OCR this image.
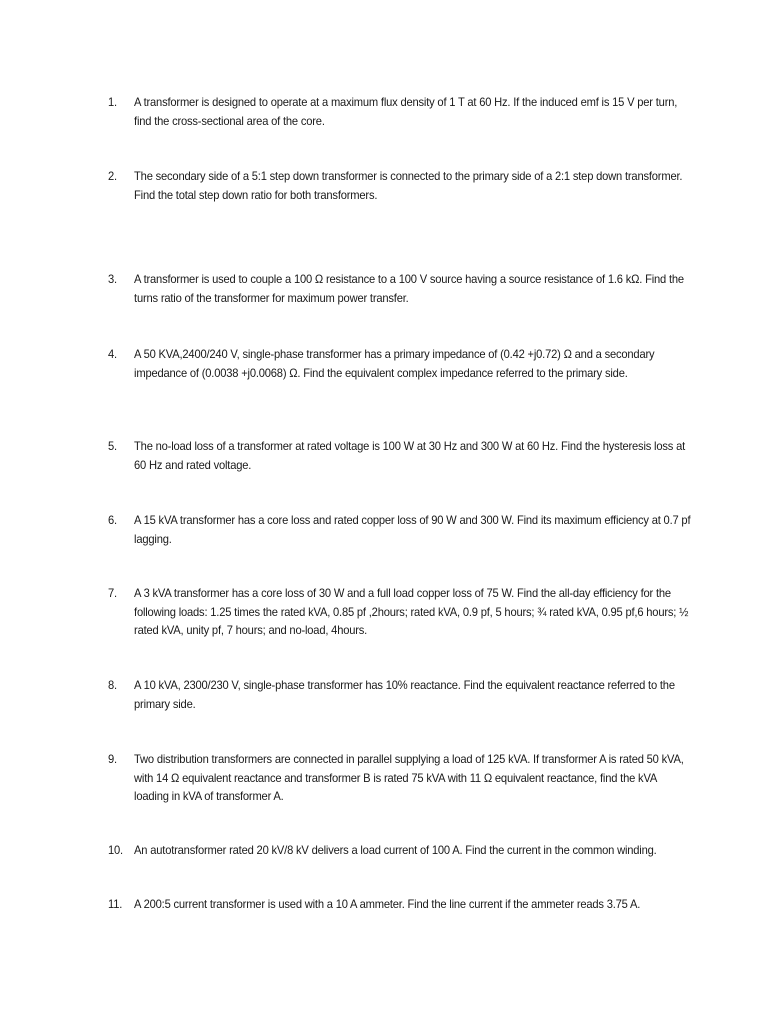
1.	A transformer is designed to operate at a maximum flux density of 1 T at 60 Hz. If the induced emf is 15 V per turn, find the cross-sectional area of the core.
2.	The secondary side of a 5:1 step down transformer is connected to the primary side of a 2:1 step down transformer. Find the total step down ratio for both transformers.
3.	A transformer is used to couple a 100 Ω resistance to a 100 V source having a source resistance of 1.6 kΩ. Find the turns ratio of the transformer for maximum power transfer.
4.	A 50 KVA,2400/240 V, single-phase transformer has a primary impedance of (0.42 +j0.72) Ω and a secondary impedance of (0.0038 +j0.0068) Ω. Find the equivalent complex impedance referred to the primary side.
5.	The no-load loss of a transformer at rated voltage is 100 W at 30 Hz and 300 W at 60 Hz. Find the hysteresis loss at 60 Hz and rated voltage.
6.	A 15 kVA transformer has a core loss and rated copper loss of 90 W and 300 W. Find its maximum efficiency at 0.7 pf lagging.
7.	A 3 kVA transformer has a core loss of 30 W and a full load copper loss of 75 W. Find the all-day efficiency for the following loads: 1.25 times the rated kVA, 0.85 pf ,2hours; rated kVA, 0.9 pf, 5 hours; ¾ rated kVA, 0.95 pf,6 hours; ½ rated kVA, unity pf, 7 hours; and no-load, 4hours.
8.	A 10 kVA, 2300/230 V, single-phase transformer has 10% reactance. Find the equivalent reactance referred to the primary side.
9.	Two distribution transformers are connected in parallel supplying a load of 125 kVA. If transformer A is rated 50 kVA, with 14 Ω equivalent reactance and transformer B is rated 75 kVA with 11 Ω equivalent reactance, find the kVA loading in kVA of transformer A.
10. An autotransformer rated 20 kV/8 kV delivers a load current of 100 A. Find the current in the common winding.
11. A 200:5 current transformer is used with a 10 A ammeter. Find the line current if the ammeter reads 3.75 A.
